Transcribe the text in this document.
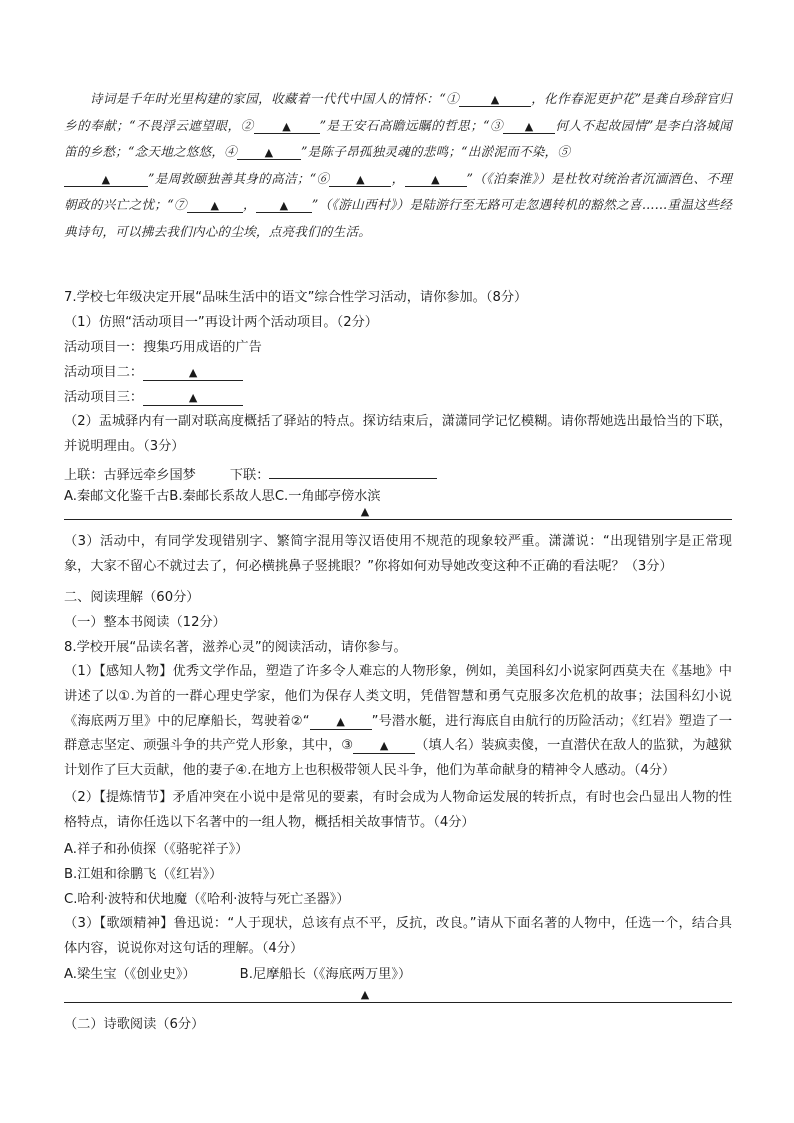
　　诗词是千年时光里构建的家园，收藏着一代代中国人的情怀：“①	▲	，化作春泥更护花”是龚自珍辞官归乡的奉献；“不畏浮云遮望眼，②	▲ ”是王安石高瞻远瞩的哲思；“③ ▲ 何人不起故园情”是李白洛城闻笛的乡愁；“念天地之悠悠，④	▲ ”是陈子昂孤独灵魂的悲鸣；“出淤泥而不染，⑤
▲	”是周敦颐独善其身的高洁；“⑥ ▲ ， ▲ ”（《泊秦淮》）是杜牧对统治者沉湎酒色、不理朝政的兴亡之忧；“⑦ ▲ ， ▲ ”（《游山西村》）是陆游行至无路可走忽遇转机的豁然之喜……重温这些经典诗句，可以拂去我们内心的尘埃，点亮我们的生活。
7.学校七年级决定开展“品味生活中的语文”综合性学习活动，请你参加。（8分）
（1）仿照“活动项目一”再设计两个活动项目。（2分）
活动项目一：搜集巧用成语的广告
活动项目二：	▲
活动项目三：	▲
（2）盂城驿内有一副对联高度概括了驿站的特点。探访结束后，潇潇同学记忆模糊。请你帮她选出最恰当的下联，并说明理由。（3分）
上联：古驿远牵乡国梦	下联：
A.秦邮文化鉴千古B.秦邮长系故人思C.一角邮亭傍水滨
▲
（3）活动中，有同学发现错别字、繁简字混用等汉语使用不规范的现象较严重。潇潇说：“出现错别字是正常现象，大家不留心不就过去了，何必横挑鼻子竖挑眼？”你将如何劝导她改变这种不正确的看法呢？（3分）
二、阅读理解（60分）
（一）整本书阅读（12分）
8.学校开展“品读名著，滋养心灵”的阅读活动，请你参与。
（1）【感知人物】优秀文学作品，塑造了许多令人难忘的人物形象，例如，美国科幻小说家阿西莫夫在《基地》中讲述了以①.为首的一群心理史学家，他们为保存人类文明，凭借智慧和勇气克服多次危机的故事；法国科幻小说《海底两万里》中的尼摩船长，驾驶着②“ ▲ ”号潜水艇，进行海底自由航行的历险活动；《红岩》塑造了一群意志坚定、顽强斗争的共产党人形象，其中，③ ▲ （填人名）装疯卖傻，一直潜伏在敌人的监狱，为越狱计划作了巨大贡献，他的妻子④.在地方上也积极带领人民斗争，他们为革命献身的精神令人感动。（4分）
（2）【提炼情节】矛盾冲突在小说中是常见的要素，有时会成为人物命运发展的转折点，有时也会凸显出人物的性格特点，请你任选以下名著中的一组人物，概括相关故事情节。（4分）
A.祥子和孙侦探（《骆驼祥子》）
B.江姐和徐鹏飞（《红岩》）
C.哈利·波特和伏地魔（《哈利·波特与死亡圣器》）
（3）【歌颂精神】鲁迅说：“人于现状，总该有点不平，反抗，改良。”请从下面名著的人物中，任选一个，结合具体内容，说说你对这句话的理解。（4分）
A.梁生宝（《创业史》）	B.尼摩船长（《海底两万里》）
▲
（二）诗歌阅读（6分）
